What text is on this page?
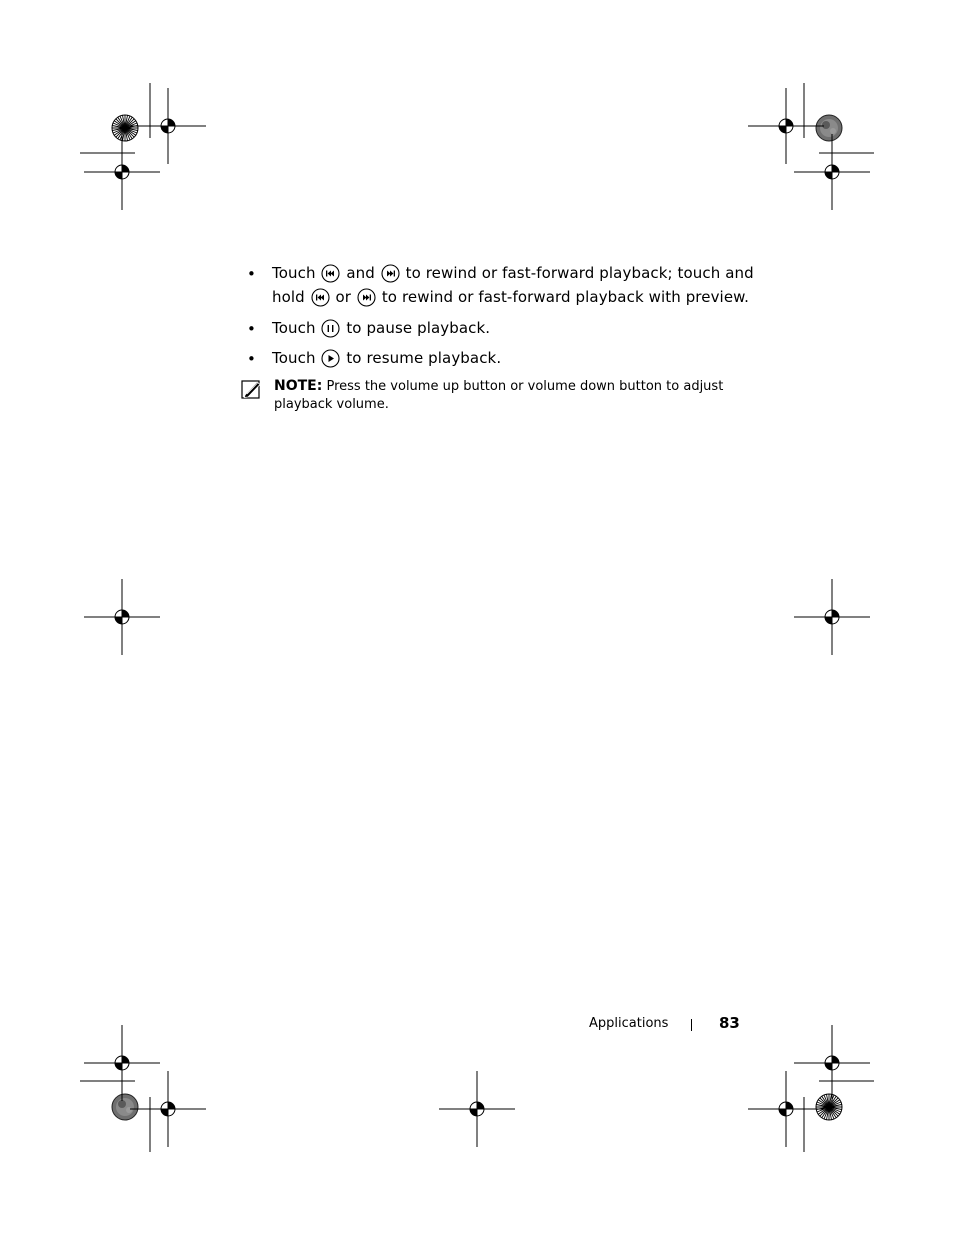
• Touch and to rewind or fast-forward playback; touch and
hold or to rewind or fast-forward playback with preview.
• Touch to pause playback.
• Touch to resume playback.
NOTE: Press the volume up button or volume down button to adjust playback volume.
Applications	83
